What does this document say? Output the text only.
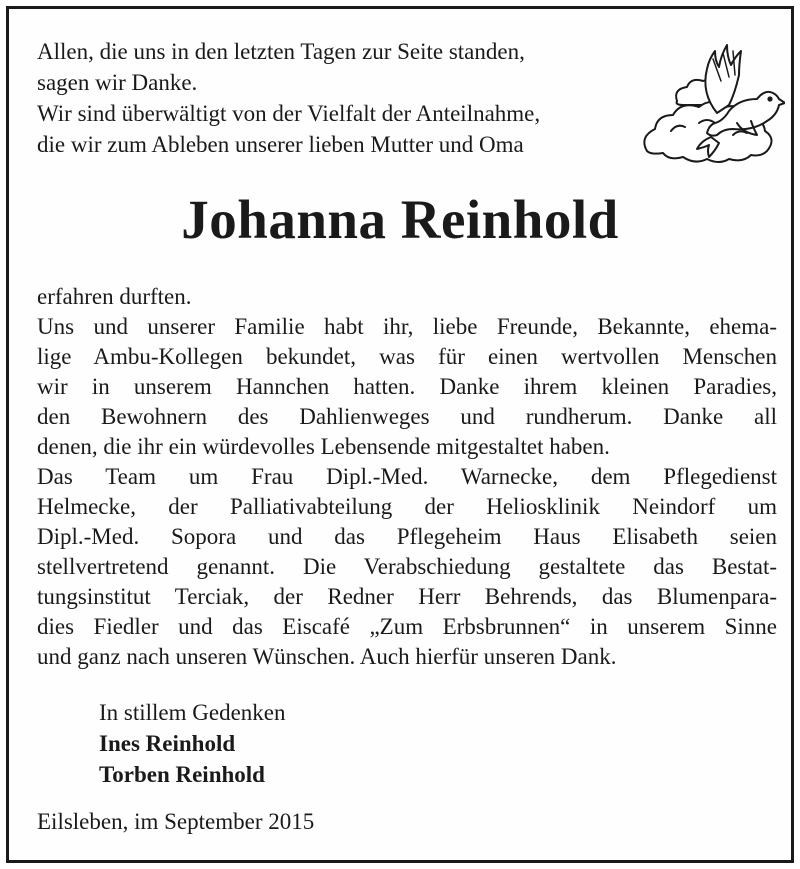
Allen, die uns in den letzten Tagen zur Seite standen,
sagen wir Danke.
Wir sind überwältigt von der Vielfalt der Anteilnahme,
die wir zum Ableben unserer lieben Mutter und Oma
Johanna Reinhold
erfahren durften.
Uns und unserer Familie habt ihr, liebe Freunde, Bekannte, ehema-
lige Ambu-Kollegen bekundet, was für einen wertvollen Menschen
wir in unserem Hannchen hatten. Danke ihrem kleinen Paradies,
den Bewohnern des Dahlienweges und rundherum. Danke all
denen, die ihr ein würdevolles Lebensende mitgestaltet haben.
Das Team um Frau Dipl.-Med. Warnecke, dem Pflegedienst
Helmecke, der Palliativabteilung der Heliosklinik Neindorf um
Dipl.-Med. Sopora und das Pflegeheim Haus Elisabeth seien
stellvertretend genannt. Die Verabschiedung gestaltete das Bestat-
tungsinstitut Terciak, der Redner Herr Behrends, das Blumenpara-
dies Fiedler und das Eiscafé „Zum Erbsbrunnen“ in unserem Sinne
und ganz nach unseren Wünschen. Auch hierfür unseren Dank.
In stillem Gedenken
Ines Reinhold
Torben Reinhold
Eilsleben, im September 2015
